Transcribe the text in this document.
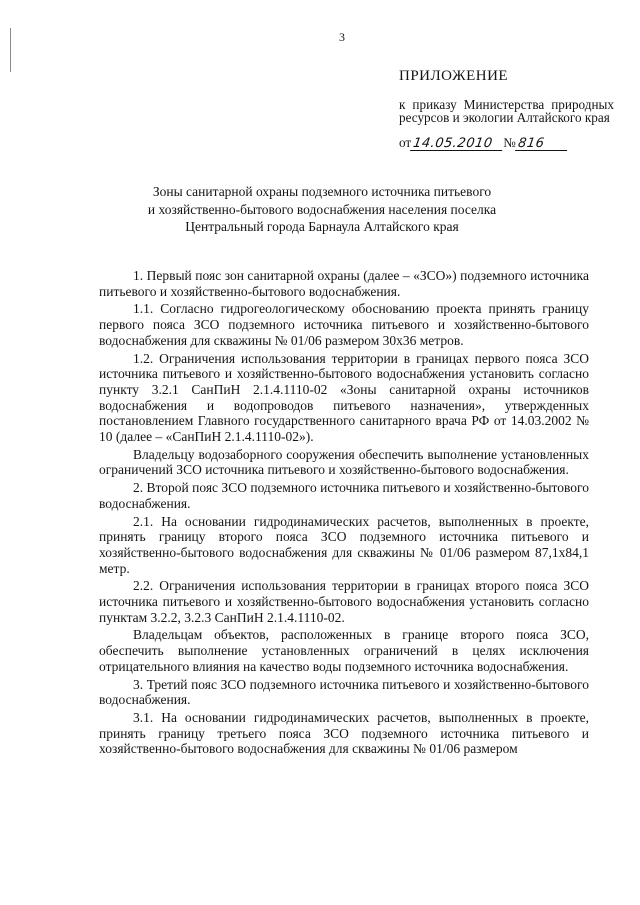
3
ПРИЛОЖЕНИЕ
к приказу Министерства природных ресурсов и экологии Алтайского края
от14.05.2010 №816
Зоны санитарной охраны подземного источника питьевого
и хозяйственно-бытового водоснабжения населения поселка
Центральный города Барнаула Алтайского края

1. Первый пояс зон санитарной охраны (далее – «ЗСО») подземного источника питьевого и хозяйственно-бытового водоснабжения.

1.1. Согласно гидрогеологическому обоснованию проекта принять границу первого пояса ЗСО подземного источника питьевого и хозяйственно-бытового водоснабжения для скважины № 01/06 размером 30х36 метров.

1.2. Ограничения использования территории в границах первого пояса ЗСО источника питьевого и хозяйственно-бытового водоснабжения установить согласно пункту 3.2.1 СанПиН 2.1.4.1110-02 «Зоны санитарной охраны источников водоснабжения и водопроводов питьевого назначения», утвержденных постановлением Главного государственного санитарного врача РФ от 14.03.2002 № 10 (далее – «СанПиН 2.1.4.1110-02»).

Владельцу водозаборного сооружения обеспечить выполнение установленных ограничений ЗСО источника питьевого и хозяйственно-бытового водоснабжения.

2. Второй пояс ЗСО подземного источника питьевого и хозяйственно-бытового водоснабжения.

2.1. На основании гидродинамических расчетов, выполненных в проекте, принять границу второго пояса ЗСО подземного источника питьевого и хозяйственно-бытового водоснабжения для скважины № 01/06 размером 87,1х84,1 метр.

2.2. Ограничения использования территории в границах второго пояса ЗСО источника питьевого и хозяйственно-бытового водоснабжения установить согласно пунктам 3.2.2, 3.2.3 СанПиН 2.1.4.1110-02.

Владельцам объектов, расположенных в границе второго пояса ЗСО, обеспечить выполнение установленных ограничений в целях исключения отрицательного влияния на качество воды подземного источника водоснабжения.

3. Третий пояс ЗСО подземного источника питьевого и хозяйственно-бытового водоснабжения.

3.1. На основании гидродинамических расчетов, выполненных в проекте, принять границу третьего пояса ЗСО подземного источника питьевого и хозяйственно-бытового водоснабжения для скважины № 01/06 размером
